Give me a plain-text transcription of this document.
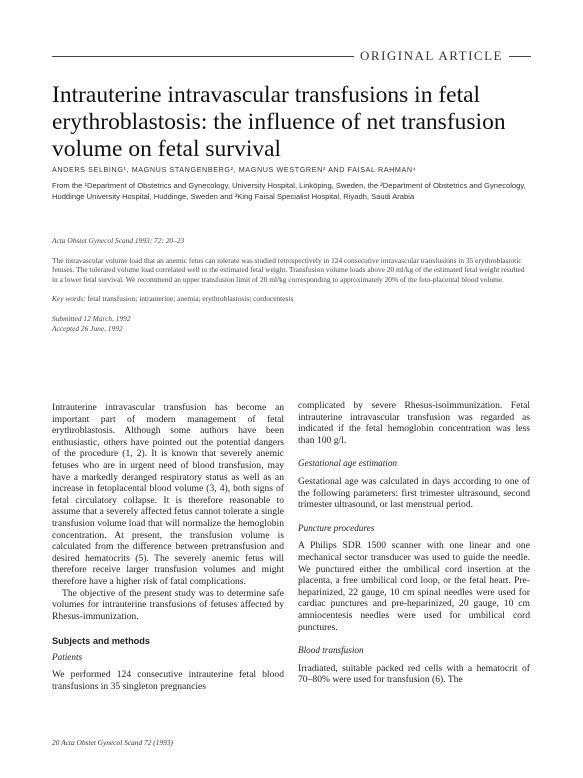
ORIGINAL ARTICLE
Intrauterine intravascular transfusions in fetal erythroblastosis: the influence of net transfusion volume on fetal survival
ANDERS SELBING¹, MAGNUS STANGENBERG², MAGNUS WESTGREN³ AND FAISAL RAHMAN⁴
From the ¹Department of Obstetrics and Gynecology, University Hospital, Linköping, Sweden, the ²Department of Obstetrics and Gynecology, Huddinge University Hospital, Huddinge, Sweden and ³King Faisal Specialist Hospital, Riyadh, Saudi Arabia
Acta Obstet Gynecol Scand 1993; 72: 20–23
The intravascular volume load that an anemic fetus can tolerate was studied retrospectively in 124 consecutive intravascular transfusions in 35 erythroblastotic fetuses. The tolerated volume load correlated well to the estimated fetal weight. Transfusion volume loads above 20 ml/kg of the estimated fetal weight resulted in a lower fetal survival. We recommend an upper transfusion limit of 20 ml/kg corresponding to approximately 20% of the feto-placental blood volume.
Key words: fetal transfusion; intrauterine; anemia; erythroblastosis; cordocentesis
Submitted 12 March, 1992
Accepted 26 June, 1992

Intrauterine intravascular transfusion has become an important part of modern management of fetal erythroblastosis. Although some authors have been enthusiastic, others have pointed out the potential dangers of the procedure (1, 2). It is known that severely anemic fetuses who are in urgent need of blood transfusion, may have a markedly deranged respiratory status as well as an increase in fetoplacental blood volume (3, 4), both signs of fetal circulatory collapse. It is therefore reasonable to assume that a severely affected fetus cannot tolerate a single transfusion volume load that will normalize the hemoglobin concentration. At present, the transfusion volume is calculated from the difference between pretransfusion and desired hematocrits (5). The severely anemic fetus will therefore receive larger transfusion volumes and might therefore have a higher risk of fatal complications.

The objective of the present study was to determine safe volumes for intrauterine transfusions of fetuses affected by Rhesus-immunization.

Subjects and methods
Patients

We performed 124 consecutive intrauterine fetal blood transfusions in 35 singleton pregnancies

complicated by severe Rhesus-isoimmunization. Fetal intrauterine intravascular transfusion was regarded as indicated if the fetal hemoglobin concentration was less than 100 g/l.

Gestational age estimation

Gestational age was calculated in days according to one of the following parameters: first trimester ultrasound, second trimester ultrasound, or last menstrual period.

Puncture procedures

A Philips SDR 1500 scanner with one linear and one mechanical sector transducer was used to guide the needle. We punctured either the umbilical cord insertion at the placenta, a free umbilical cord loop, or the fetal heart. Pre-heparinized, 22 gauge, 10 cm spinal needles were used for cardiac punctures and pre-heparinized, 20 gauge, 10 cm amniocentesis needles were used for umbilical cord punctures.

Blood transfusion

Irradiated, suitable packed red cells with a hematocrit of 70–80% were used for transfusion (6). The

20 Acta Obstet Gynecol Scand 72 (1993)
